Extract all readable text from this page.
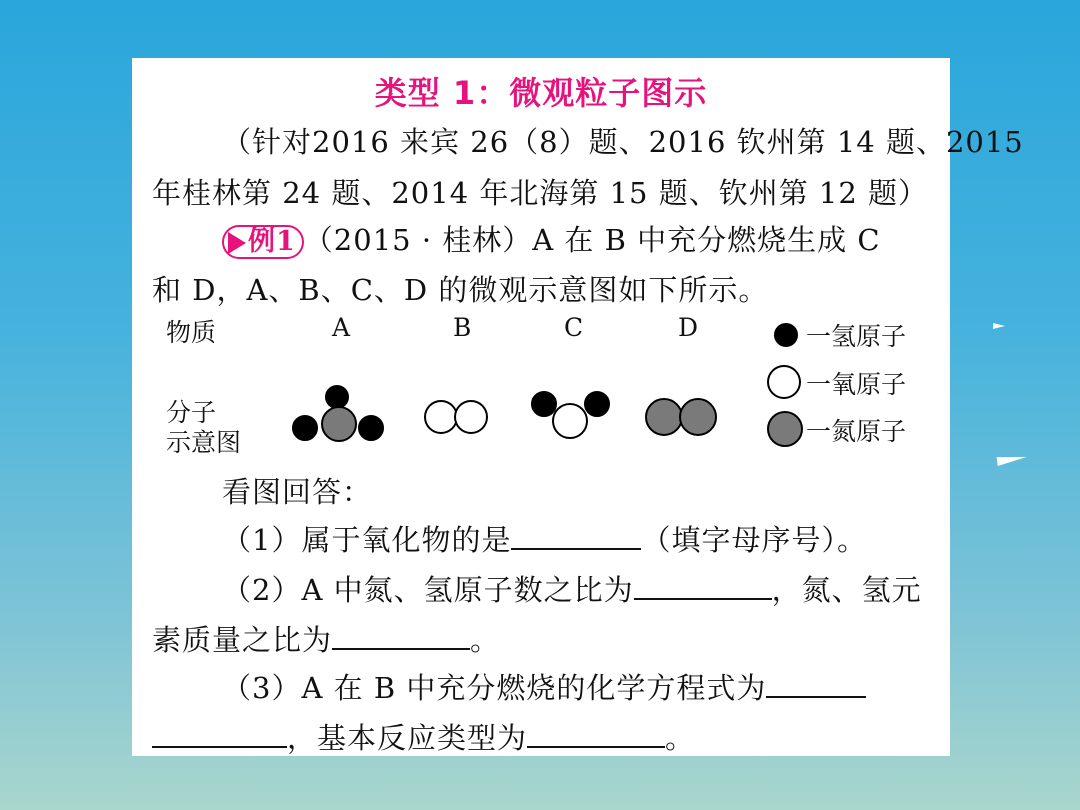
类型 1：微观粒子图示
（针对2016 来宾 26（8）题、2016 钦州第 14 题、2015
年桂林第 24 题、2014 年北海第 15 题、钦州第 12 题）
例1 （2015 · 桂林）A 在 B 中充分燃烧生成 C
和 D，A、B、C、D 的微观示意图如下所示。
物质
分子
示意图
A	B	C	D	一氢原子
一氧原子
一氮原子
看图回答：
（1）属于氧化物的是	（填字母序号）。
（2）A 中氮、氢原子数之比为	，氮、氢元
素质量之比为	。
（3）A 在 B 中充分燃烧的化学方程式为
，基本反应类型为	。
